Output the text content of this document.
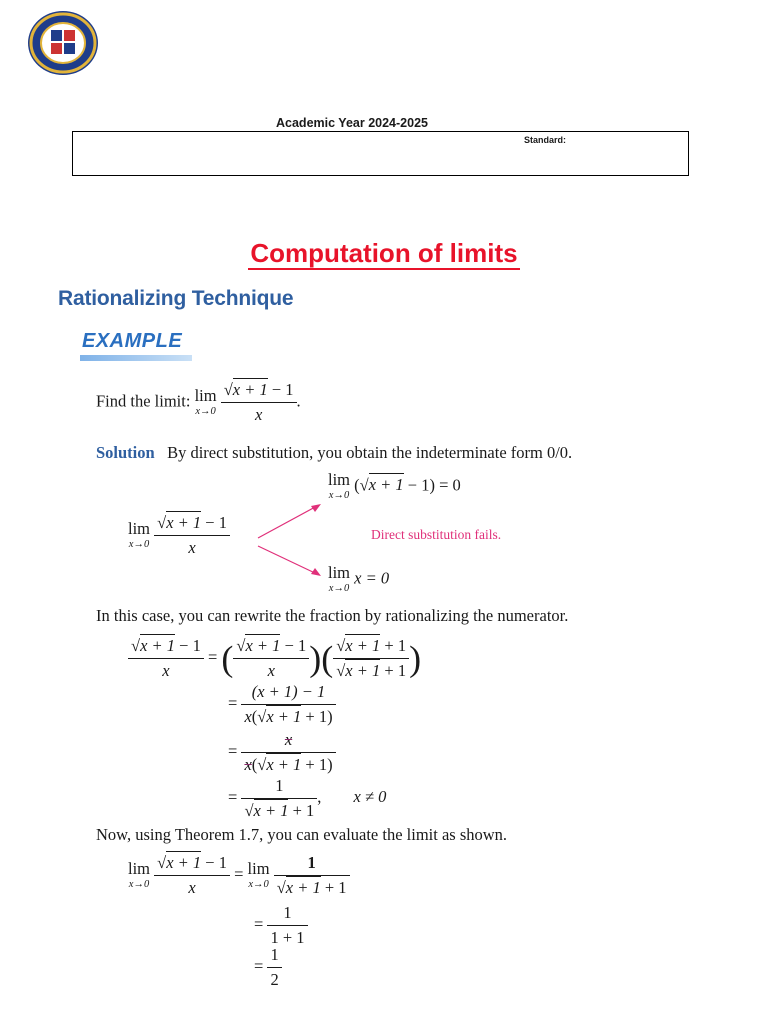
Academic Year 2024-2025
Standard:
Computation of limits
Rationalizing Technique
EXAMPLE
Find the limit: lim
x→0
$\frac{√x + 1 - 1}{x}$ .
Solution By direct substitution, you obtain the indeterminate form 0/0.
lim
x→0
(√x + 1 − 1) = 0
lim
x→0
$\frac{√x + 1 - 1}{x}$	Direct substitution fails.
lim
x→0
x = 0
In this case, you can rewrite the fraction by rationalizing the numerator.
$\frac{√x + 1 - 1}{x}$ = ( $\frac{√x + 1 - 1}{x}$ )( $\frac{√x + 1 + 1}{√x + 1 + 1}$ )
= $\frac{(x + 1) - 1}{x(√x + 1 + 1)}$
= $\frac{x}{x(√x + 1 + 1)}$
= $\frac{1}{√x + 1 + 1}$ , x ≠ 0
Now, using Theorem 1.7, you can evaluate the limit as shown.
lim
x→0
$\frac{√x + 1 - 1}{x} = \lim$
x→0
$\frac{1}{√x + 1 + 1}$
= $\frac{1}{1 + 1}$
= $\frac{1}{2}$
